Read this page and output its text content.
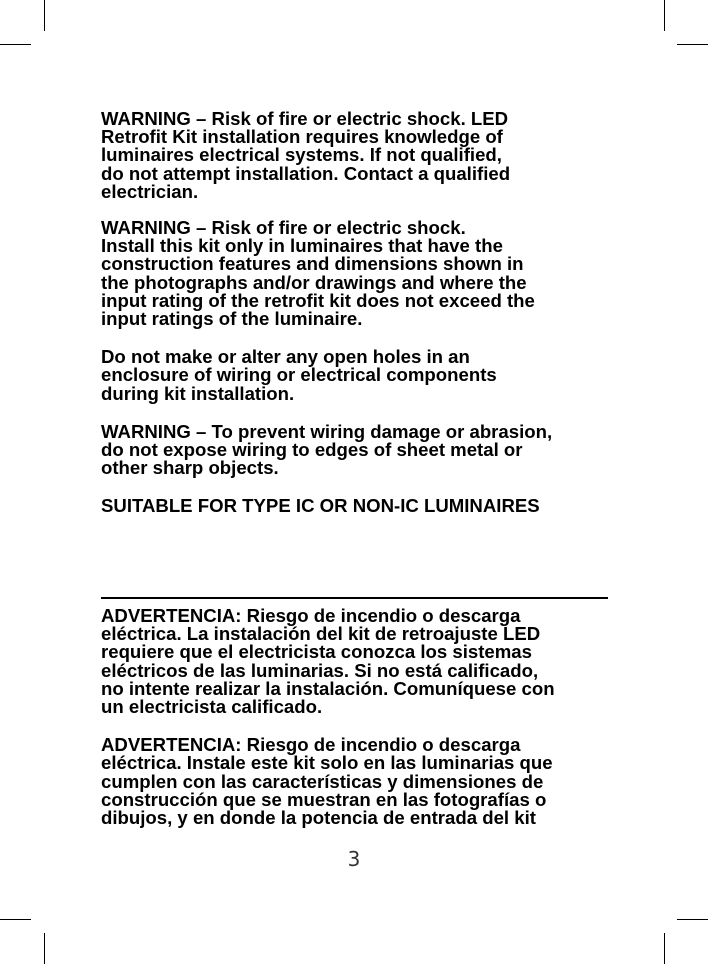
WARNING – Risk of fire or electric shock. LED
Retrofit Kit installation requires knowledge of
luminaires electrical systems. If not qualified,
do not attempt installation. Contact a qualified
electrician.

WARNING – Risk of fire or electric shock.
Install this kit only in luminaires that have the
construction features and dimensions shown in
the photographs and/or drawings and where the
input rating of the retrofit kit does not exceed the
input ratings of the luminaire.

Do not make or alter any open holes in an
enclosure of wiring or electrical components
during kit installation.

WARNING – To prevent wiring damage or abrasion,
do not expose wiring to edges of sheet metal or
other sharp objects.

SUITABLE FOR TYPE IC OR NON-IC LUMINAIRES

ADVERTENCIA: Riesgo de incendio o descarga
eléctrica. La instalación del kit de retroajuste LED
requiere que el electricista conozca los sistemas
eléctricos de las luminarias. Si no está calificado,
no intente realizar la instalación. Comuníquese con
un electricista calificado.

ADVERTENCIA: Riesgo de incendio o descarga
eléctrica. Instale este kit solo en las luminarias que
cumplen con las características y dimensiones de
construcción que se muestran en las fotografías o
dibujos, y en donde la potencia de entrada del kit

3
